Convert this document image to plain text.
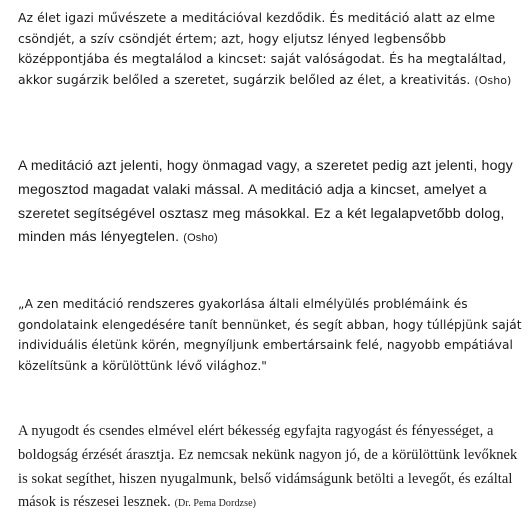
Az élet igazi művészete a meditációval kezdődik. És meditáció alatt az elme csöndjét, a szív csöndjét értem; azt, hogy eljutsz lényed legbensőbb középpontjába és megtalálod a kincset: saját valóságodat. És ha megtaláltad, akkor sugárzik belőled a szeretet, sugárzik belőled az élet, a kreativitás. (Osho)

A meditáció azt jelenti, hogy önmagad vagy, a szeretet pedig azt jelenti, hogy megosztod magadat valaki mással. A meditáció adja a kincset, amelyet a szeretet segítségével osztasz meg másokkal. Ez a két legalapvetőbb dolog, minden más lényegtelen. (Osho)

„A zen meditáció rendszeres gyakorlása általi elmélyülés problémáink és gondolataink elengedésére tanít bennünket, és segít abban, hogy túllépjünk saját individuális életünk körén, megnyíljunk embertársaink felé, nagyobb empátiával közelítsünk a körülöttünk lévő világhoz."

A nyugodt és csendes elmével elért békesség egyfajta ragyogást és fényességet, a boldogság érzését árasztja. Ez nemcsak nekünk nagyon jó, de a körülöttünk levőknek is sokat segíthet, hiszen nyugalmunk, belső vidámságunk betölti a levegőt, és ezáltal mások is részesei lesznek. (Dr. Pema Dordzse)
